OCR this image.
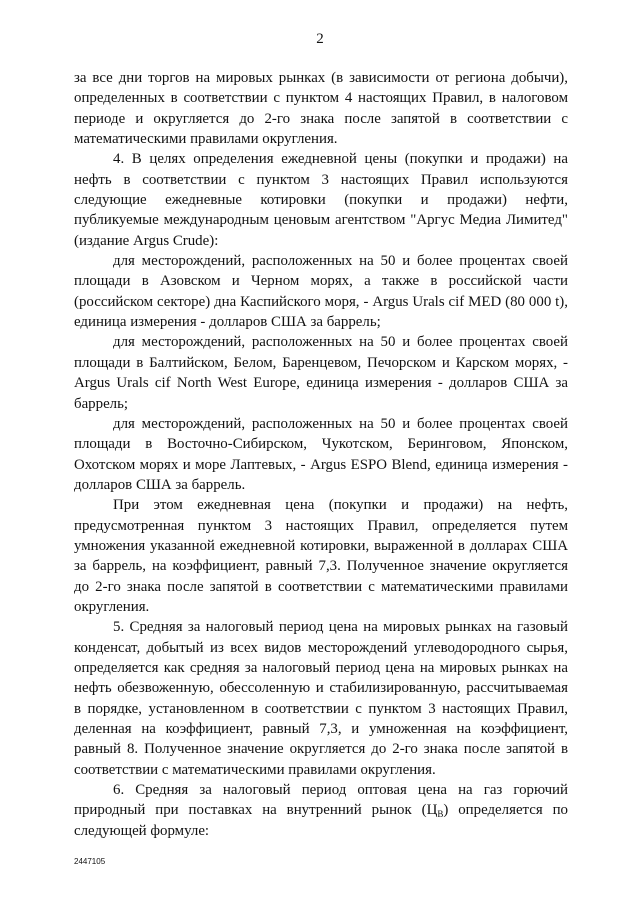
2

за все дни торгов на мировых рынках (в зависимости от региона добычи), определенных в соответствии с пунктом 4 настоящих Правил, в налоговом периоде и округляется до 2-го знака после запятой в соответствии с математическими правилами округления.

4. В целях определения ежедневной цены (покупки и продажи) на нефть в соответствии с пунктом 3 настоящих Правил используются следующие ежедневные котировки (покупки и продажи) нефти, публикуемые международным ценовым агентством "Аргус Медиа Лимитед" (издание Argus Crude):

для месторождений, расположенных на 50 и более процентах своей площади в Азовском и Черном морях, а также в российской части (российском секторе) дна Каспийского моря, - Argus Urals cif MED (80 000 t), единица измерения - долларов США за баррель;

для месторождений, расположенных на 50 и более процентах своей площади в Балтийском, Белом, Баренцевом, Печорском и Карском морях, - Argus Urals cif North West Europe, единица измерения - долларов США за баррель;

для месторождений, расположенных на 50 и более процентах своей площади в Восточно-Сибирском, Чукотском, Беринговом, Японском, Охотском морях и море Лаптевых, - Argus ESPO Blend, единица измерения - долларов США за баррель.

При этом ежедневная цена (покупки и продажи) на нефть, предусмотренная пунктом 3 настоящих Правил, определяется путем умножения указанной ежедневной котировки, выраженной в долларах США за баррель, на коэффициент, равный 7,3. Полученное значение округляется до 2-го знака после запятой в соответствии с математическими правилами округления.

5. Средняя за налоговый период цена на мировых рынках на газовый конденсат, добытый из всех видов месторождений углеводородного сырья, определяется как средняя за налоговый период цена на мировых рынках на нефть обезвоженную, обессоленную и стабилизированную, рассчитываемая в порядке, установленном в соответствии с пунктом 3 настоящих Правил, деленная на коэффициент, равный 7,3, и умноженная на коэффициент, равный 8. Полученное значение округляется до 2-го знака после запятой в соответствии с математическими правилами округления.

6. Средняя за налоговый период оптовая цена на газ горючий природный при поставках на внутренний рынок $(Ц_В)$ определяется по следующей формуле:

2447105
